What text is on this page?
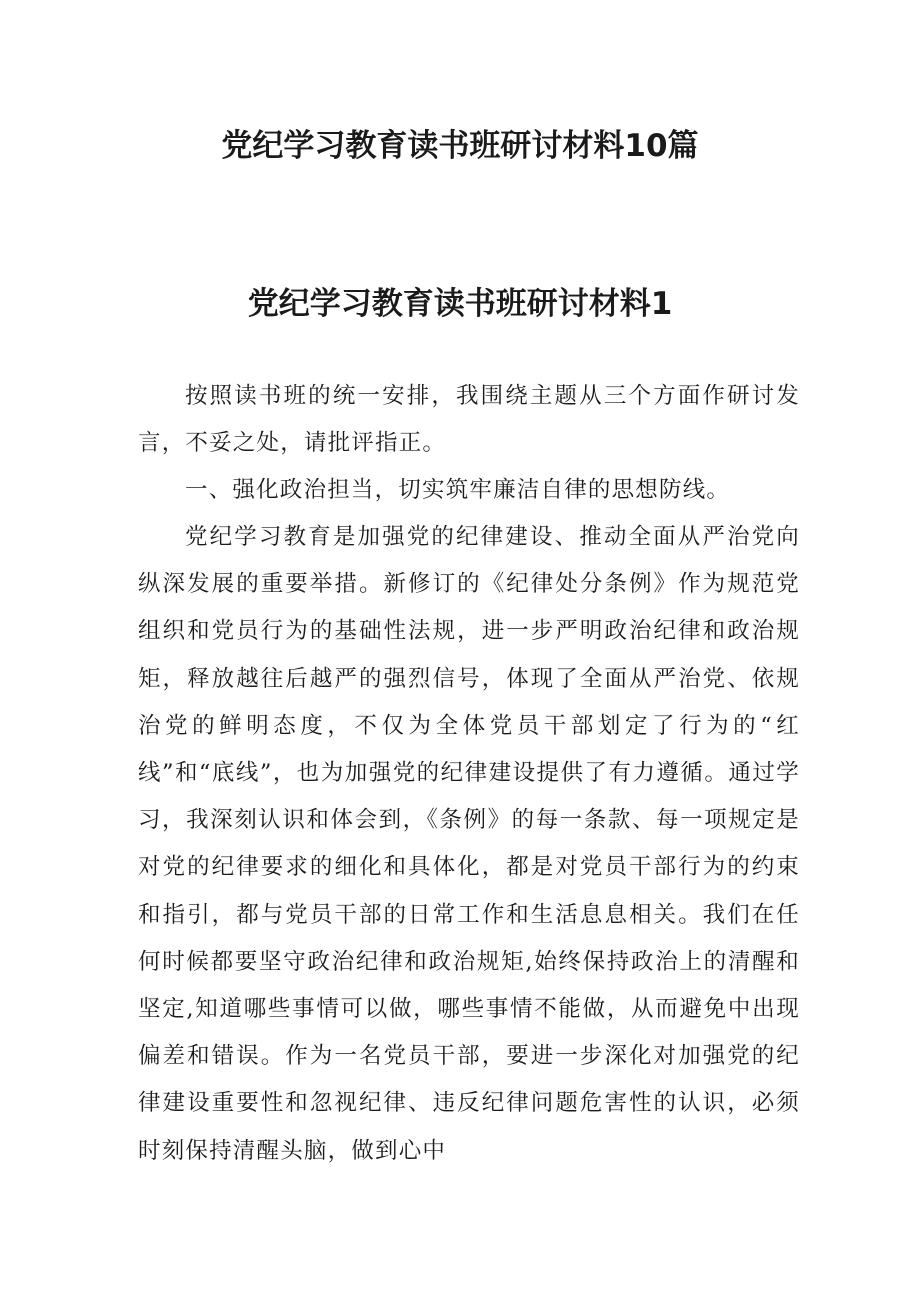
党纪学习教育读书班研讨材料10篇
党纪学习教育读书班研讨材料1

按照读书班的统一安排，我围绕主题从三个方面作研讨发言，不妥之处，请批评指正。

一、强化政治担当，切实筑牢廉洁自律的思想防线。

党纪学习教育是加强党的纪律建设、推动全面从严治党向纵深发展的重要举措。新修订的《纪律处分条例》作为规范党组织和党员行为的基础性法规，进一步严明政治纪律和政治规矩，释放越往后越严的强烈信号，体现了全面从严治党、依规治党的鲜明态度，不仅为全体党员干部划定了行为的“红线”和“底线”，也为加强党的纪律建设提供了有力遵循。通过学习，我深刻认识和体会到，《条例》的每一条款、每一项规定是对党的纪律要求的细化和具体化，都是对党员干部行为的约束和指引，都与党员干部的日常工作和生活息息相关。我们在任何时候都要坚守政治纪律和政治规矩,始终保持政治上的清醒和坚定,知道哪些事情可以做，哪些事情不能做，从而避免中出现偏差和错误。作为一名党员干部，要进一步深化对加强党的纪律建设重要性和忽视纪律、违反纪律问题危害性的认识，必须时刻保持清醒头脑，做到心中
